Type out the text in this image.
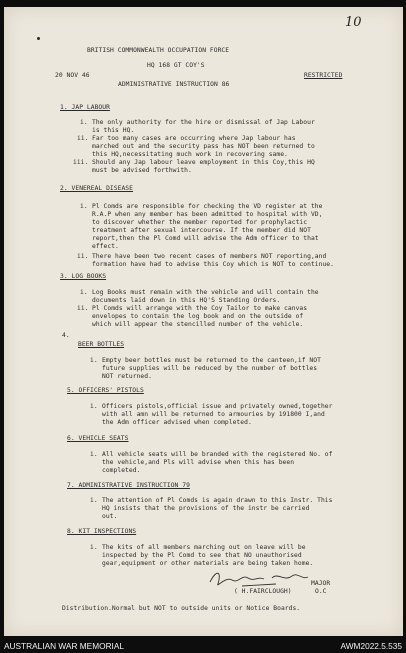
10
BRITISH COMMONWEALTH OCCUPATION FORCE
HQ 168 GT COY'S
20 NOV 46	RESTRICTED
ADMINISTRATIVE INSTRUCTION 86
1. JAP LABOUR
i. The only authority for the hire or dismissal of Jap Labour
is this HQ.
ii. Far too many cases are occurring where Jap labour has
marched out and the security pass has NOT been returned to
this HQ,necessitating much work in recovering same.
iii. Should any Jap labour leave employment in this Coy,this HQ
must be advised forthwith.
2. VENEREAL DISEASE
i. Pl Comds are responsible for checking the VD register at the
R.A.P when any member has been admitted to hospital with VD,
to discover whether the member reported for prophylactic
treatment after sexual intercourse. If the member did NOT
report,then the Pl Comd will advise the Adm officer to that
effect.
ii. There have been two recent cases of members NOT reporting,and
formation have had to advise this Coy which is NOT to continue.
3. LOG BOOKS
i. Log Books must remain with the vehicle and will contain the
documents laid down in this HQ'S Standing Orders.
ii. Pl Comds will arrange with the Coy Tailor to make canvas
envelopes to contain the log book and on the outside of
which will appear the stencilled number of the vehicle.
4.
BEER BOTTLES
i. Empty beer bottles must be returned to the canteen,if NOT
future supplies will be reduced by the number of bottles
NOT returned.
5. OFFICERS' PISTOLS
i. Officers pistols,official issue and privately owned,together
with all amn will be returned to armouries by 191800 I,and
the Adm officer advised when completed.
6. VEHICLE SEATS
i. All vehicle seats will be branded with the registered No. of
the vehicle,and Pls will advise when this has been
completed.
7. ADMINISTRATIVE INSTRUCTION 79
i. The attention of Pl Comds is again drawn to this Instr. This
HQ insists that the provisions of the instr be carried
out.
8. KIT INSPECTIONS
i. The kits of all members marching out on leave will be
inspected by the Pl Comd to see that NO unauthorised
gear,equipment or other materials are being taken home.
MAJOR
( H.FAIRCLOUGH)	O.C
Distribution.Normal but NOT to outside units or Notice Boards.
AUSTRALIAN WAR MEMORIAL	AWM2022.5.535
